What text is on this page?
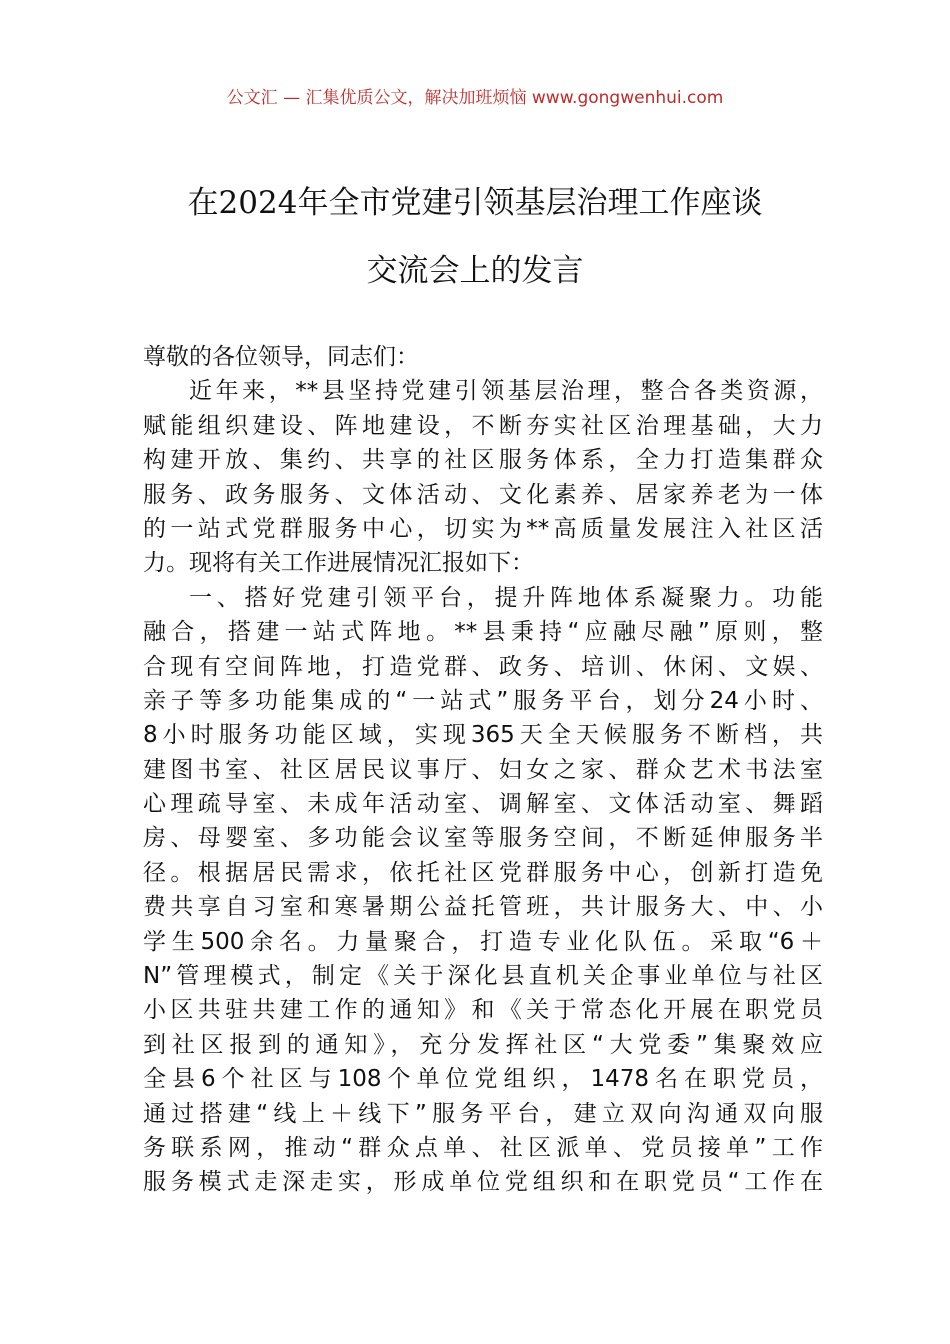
公文汇 — 汇集优质公文，解决加班烦恼 www.gongwenhui.com
在2024年全市党建引领基层治理工作座谈
交流会上的发言
尊敬的各位领导，同志们：
近年来，**县坚持党建引领基层治理，整合各类资源，
赋能组织建设、阵地建设，不断夯实社区治理基础，大力
构建开放、集约、共享的社区服务体系，全力打造集群众
服务、政务服务、文体活动、文化素养、居家养老为一体
的一站式党群服务中心，切实为**高质量发展注入社区活
力。现将有关工作进展情况汇报如下：
一、搭好党建引领平台，提升阵地体系凝聚力。功能
融合，搭建一站式阵地。**县秉持“应融尽融”原则，整
合现有空间阵地，打造党群、政务、培训、休闲、文娱、
亲子等多功能集成的“一站式”服务平台，划分24小时、
8小时服务功能区域，实现365天全天候服务不断档，共
建图书室、社区居民议事厅、妇女之家、群众艺术书法室
心理疏导室、未成年活动室、调解室、文体活动室、舞蹈
房、母婴室、多功能会议室等服务空间，不断延伸服务半
径。根据居民需求，依托社区党群服务中心，创新打造免
费共享自习室和寒暑期公益托管班，共计服务大、中、小
学生500余名。力量聚合，打造专业化队伍。采取“6＋
N”管理模式，制定《关于深化县直机关企事业单位与社区
小区共驻共建工作的通知》和《关于常态化开展在职党员
到社区报到的通知》，充分发挥社区“大党委”集聚效应
全县6个社区与108个单位党组织，1478名在职党员，
通过搭建“线上＋线下”服务平台，建立双向沟通双向服
务联系网，推动“群众点单、社区派单、党员接单”工作
服务模式走深走实，形成单位党组织和在职党员“工作在
